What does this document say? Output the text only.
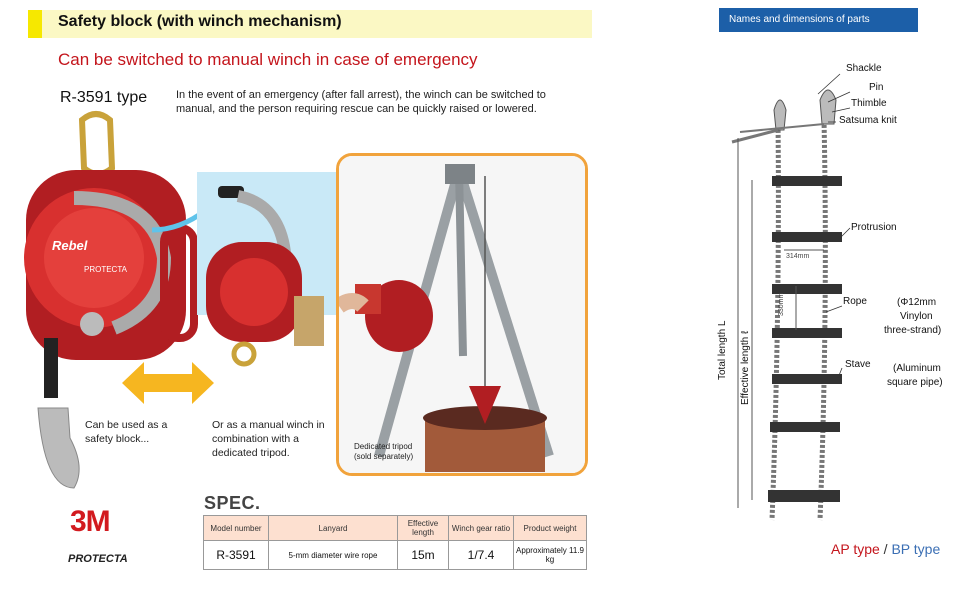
Safety block (with winch mechanism)
Can be switched to manual winch in case of emergency
R-3591 type	In the event of an emergency (after fall arrest), the winch can be switched to manual, and the person requiring rescue can be quickly raised or lowered.
Rebel
PROTECTA
Can be used as a safety block...
Or as a manual winch in combination with a dedicated tripod.
Dedicated tripod (sold separately)
3M
PROTECTA
SPEC.
Model number	Lanyard	Effective length	Winch gear ratio	Product weight
R-3591	5-mm diameter wire rope	15m	1/7.4	Approximately 11.9 kg
Names and dimensions of parts
Shackle
Pin
Thimble
Satsuma knit
Protrusion
Rope	(Φ12mm
Vinylon
three-strand)
Stave (Aluminum
square pipe)
314mm
330mm
Total length L Effective length ℓ
AP type / BP type
